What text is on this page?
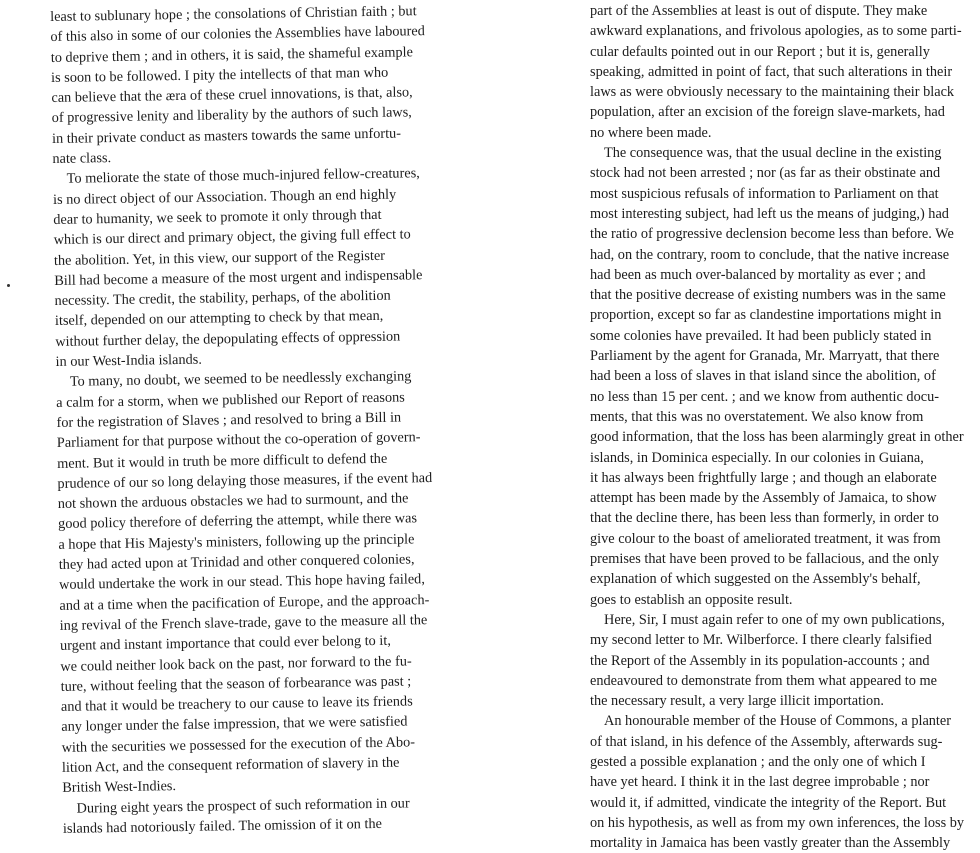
least to sublunary hope ; the consolations of Christian faith ; but
of this also in some of our colonies the Assemblies have laboured
to deprive them ; and in others, it is said, the shameful example
is soon to be followed. I pity the intellects of that man who
can believe that the æra of these cruel innovations, is that, also,
of progressive lenity and liberality by the authors of such laws,
in their private conduct as masters towards the same unfortu-
nate class.
To meliorate the state of those much-injured fellow-creatures,
is no direct object of our Association. Though an end highly
dear to humanity, we seek to promote it only through that
which is our direct and primary object, the giving full effect to
the abolition. Yet, in this view, our support of the Register
Bill had become a measure of the most urgent and indispensable
necessity. The credit, the stability, perhaps, of the abolition
itself, depended on our attempting to check by that mean,
without further delay, the depopulating effects of oppression
in our West-India islands.
To many, no doubt, we seemed to be needlessly exchanging
a calm for a storm, when we published our Report of reasons
for the registration of Slaves ; and resolved to bring a Bill in
Parliament for that purpose without the co-operation of govern-
ment. But it would in truth be more difficult to defend the
prudence of our so long delaying those measures, if the event had
not shown the arduous obstacles we had to surmount, and the
good policy therefore of deferring the attempt, while there was
a hope that His Majesty's ministers, following up the principle
they had acted upon at Trinidad and other conquered colonies,
would undertake the work in our stead. This hope having failed,
and at a time when the pacification of Europe, and the approach-
ing revival of the French slave-trade, gave to the measure all the
urgent and instant importance that could ever belong to it,
we could neither look back on the past, nor forward to the fu-
ture, without feeling that the season of forbearance was past ;
and that it would be treachery to our cause to leave its friends
any longer under the false impression, that we were satisfied
with the securities we possessed for the execution of the Abo-
lition Act, and the consequent reformation of slavery in the
British West-Indies.
During eight years the prospect of such reformation in our
islands had notoriously failed. The omission of it on the
part of the Assemblies at least is out of dispute. They make
awkward explanations, and frivolous apologies, as to some parti-
cular defaults pointed out in our Report ; but it is, generally
speaking, admitted in point of fact, that such alterations in their
laws as were obviously necessary to the maintaining their black
population, after an excision of the foreign slave-markets, had
no where been made.
The consequence was, that the usual decline in the existing
stock had not been arrested ; nor (as far as their obstinate and
most suspicious refusals of information to Parliament on that
most interesting subject, had left us the means of judging,) had
the ratio of progressive declension become less than before. We
had, on the contrary, room to conclude, that the native increase
had been as much over-balanced by mortality as ever ; and
that the positive decrease of existing numbers was in the same
proportion, except so far as clandestine importations might in
some colonies have prevailed. It had been publicly stated in
Parliament by the agent for Granada, Mr. Marryatt, that there
had been a loss of slaves in that island since the abolition, of
no less than 15 per cent. ; and we know from authentic docu-
ments, that this was no overstatement. We also know from
good information, that the loss has been alarmingly great in other
islands, in Dominica especially. In our colonies in Guiana,
it has always been frightfully large ; and though an elaborate
attempt has been made by the Assembly of Jamaica, to show
that the decline there, has been less than formerly, in order to
give colour to the boast of ameliorated treatment, it was from
premises that have been proved to be fallacious, and the only
explanation of which suggested on the Assembly's behalf,
goes to establish an opposite result.
Here, Sir, I must again refer to one of my own publications,
my second letter to Mr. Wilberforce. I there clearly falsified
the Report of the Assembly in its population-accounts ; and
endeavoured to demonstrate from them what appeared to me
the necessary result, a very large illicit importation.
An honourable member of the House of Commons, a planter
of that island, in his defence of the Assembly, afterwards sug-
gested a possible explanation ; and the only one of which I
have yet heard. I think it in the last degree improbable ; nor
would it, if admitted, vindicate the integrity of the Report. But
on his hypothesis, as well as from my own inferences, the loss by
mortality in Jamaica has been vastly greater than the Assembly
